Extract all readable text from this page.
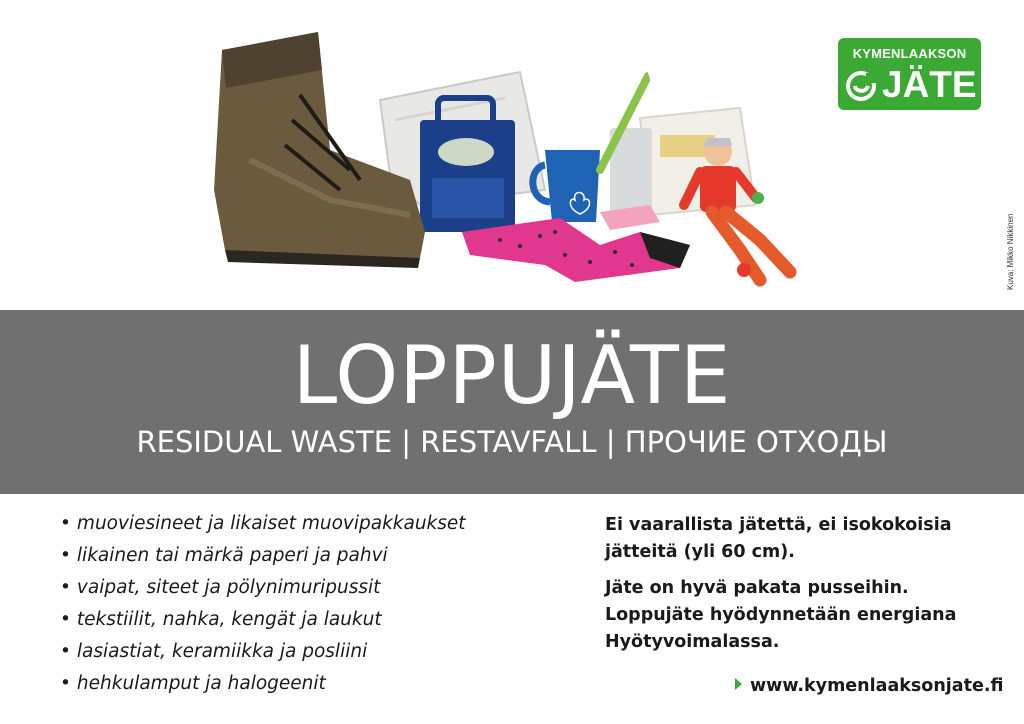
Kuva: Mikko Nikkinen
KYMENLAAKSON
JÄTE
LOPPUJÄTE
RESIDUAL WASTE | RESTAVFALL | ПРОЧИЕ ОТХОДЫ
• muoviesineet ja likaiset muovipakkaukset
• likainen tai märkä paperi ja pahvi
• vaipat, siteet ja pölynimuripussit
• tekstiilit, nahka, kengät ja laukut
• lasiastiat, keramiikka ja posliini
• hehkulamput ja halogeenit

Ei vaarallista jätettä, ei isokokoisia jätteitä (yli 60 cm).

Jäte on hyvä pakata pusseihin. Loppujäte hyödynnetään energiana Hyötyvoimalassa.

www.kymenlaaksonjate.fi
